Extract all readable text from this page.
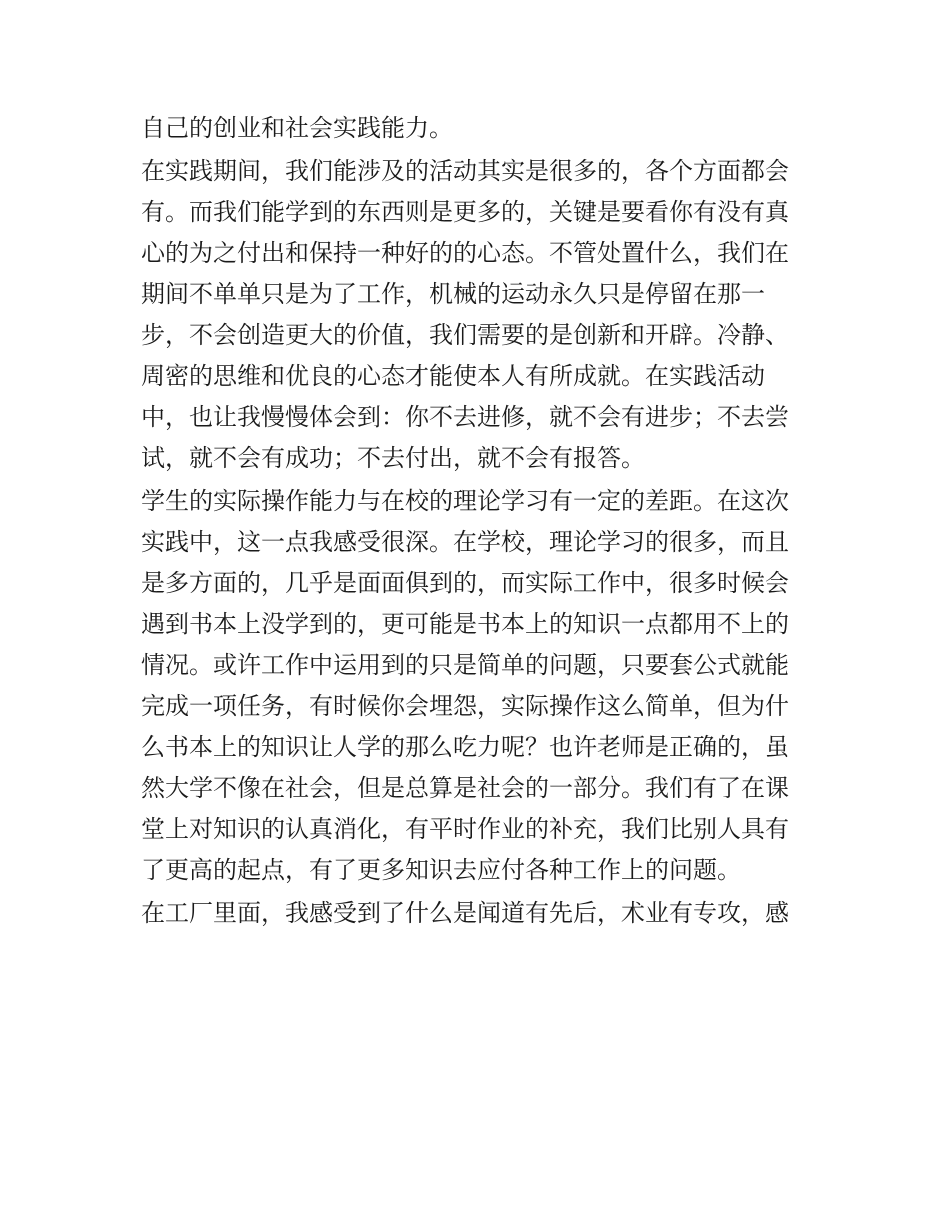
自己的创业和社会实践能力。
在实践期间，我们能涉及的活动其实是很多的，各个方面都会
有。而我们能学到的东西则是更多的，关键是要看你有没有真
心的为之付出和保持一种好的的心态。不管处置什么，我们在
期间不单单只是为了工作，机械的运动永久只是停留在那一
步，不会创造更大的价值，我们需要的是创新和开辟。冷静、
周密的思维和优良的心态才能使本人有所成就。在实践活动
中，也让我慢慢体会到：你不去进修，就不会有进步；不去尝
试，就不会有成功；不去付出，就不会有报答。
学生的实际操作能力与在校的理论学习有一定的差距。在这次
实践中，这一点我感受很深。在学校，理论学习的很多，而且
是多方面的，几乎是面面俱到的，而实际工作中，很多时候会
遇到书本上没学到的，更可能是书本上的知识一点都用不上的
情况。或许工作中运用到的只是简单的问题，只要套公式就能
完成一项任务，有时候你会埋怨，实际操作这么简单，但为什
么书本上的知识让人学的那么吃力呢？也许老师是正确的，虽
然大学不像在社会，但是总算是社会的一部分。我们有了在课
堂上对知识的认真消化，有平时作业的补充，我们比别人具有
了更高的起点，有了更多知识去应付各种工作上的问题。
在工厂里面，我感受到了什么是闻道有先后，术业有专攻，感
